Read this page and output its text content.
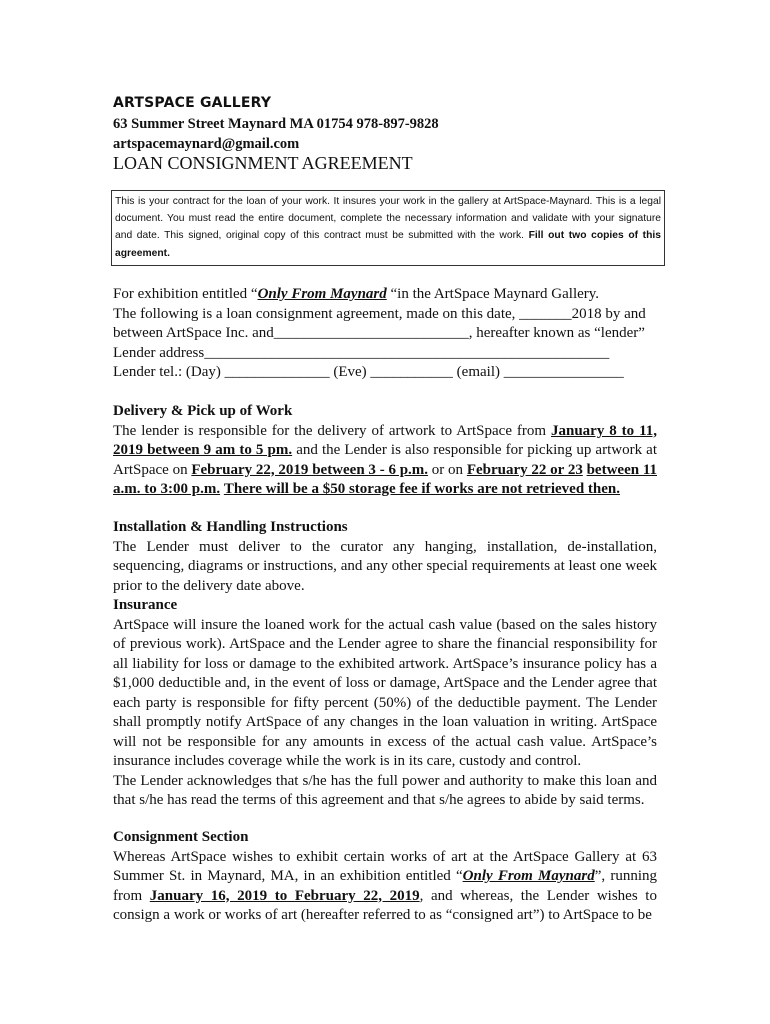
ARTSPACE GALLERY
63 Summer Street Maynard MA 01754 978-897-9828
artspacemaynard@gmail.com
LOAN CONSIGNMENT AGREEMENT
This is your contract for the loan of your work. It insures your work in the gallery at ArtSpace-Maynard. This is a legal document. You must read the entire document, complete the necessary information and validate with your signature and date. This signed, original copy of this contract must be submitted with the work. Fill out two copies of this agreement.
For exhibition entitled “Only From Maynard “in the ArtSpace Maynard Gallery.
The following is a loan consignment agreement, made on this date, _______2018 by and
between ArtSpace Inc. and__________________________, hereafter known as “lender”
Lender address______________________________________________________
Lender tel.: (Day) ______________ (Eve) ___________ (email) ________________
Delivery & Pick up of Work
The lender is responsible for the delivery of artwork to ArtSpace from January 8 to 11, 2019 between 9 am to 5 pm. and the Lender is also responsible for picking up artwork at ArtSpace on February 22, 2019 between 3 - 6 p.m. or on February 22 or 23 between 11 a.m. to 3:00 p.m. There will be a $50 storage fee if works are not retrieved then.
Installation & Handling Instructions
The Lender must deliver to the curator any hanging, installation, de-installation, sequencing, diagrams or instructions, and any other special requirements at least one week prior to the delivery date above.
Insurance
ArtSpace will insure the loaned work for the actual cash value (based on the sales history of previous work). ArtSpace and the Lender agree to share the financial responsibility for all liability for loss or damage to the exhibited artwork. ArtSpace’s insurance policy has a $1,000 deductible and, in the event of loss or damage, ArtSpace and the Lender agree that each party is responsible for fifty percent (50%) of the deductible payment. The Lender shall promptly notify ArtSpace of any changes in the loan valuation in writing. ArtSpace will not be responsible for any amounts in excess of the actual cash value. ArtSpace’s insurance includes coverage while the work is in its care, custody and control.
The Lender acknowledges that s/he has the full power and authority to make this loan and that s/he has read the terms of this agreement and that s/he agrees to abide by said terms.
Consignment Section
Whereas ArtSpace wishes to exhibit certain works of art at the ArtSpace Gallery at 63 Summer St. in Maynard, MA, in an exhibition entitled “Only From Maynard”, running from January 16, 2019 to February 22, 2019, and whereas, the Lender wishes to consign a work or works of art (hereafter referred to as “consigned art”) to ArtSpace to be
